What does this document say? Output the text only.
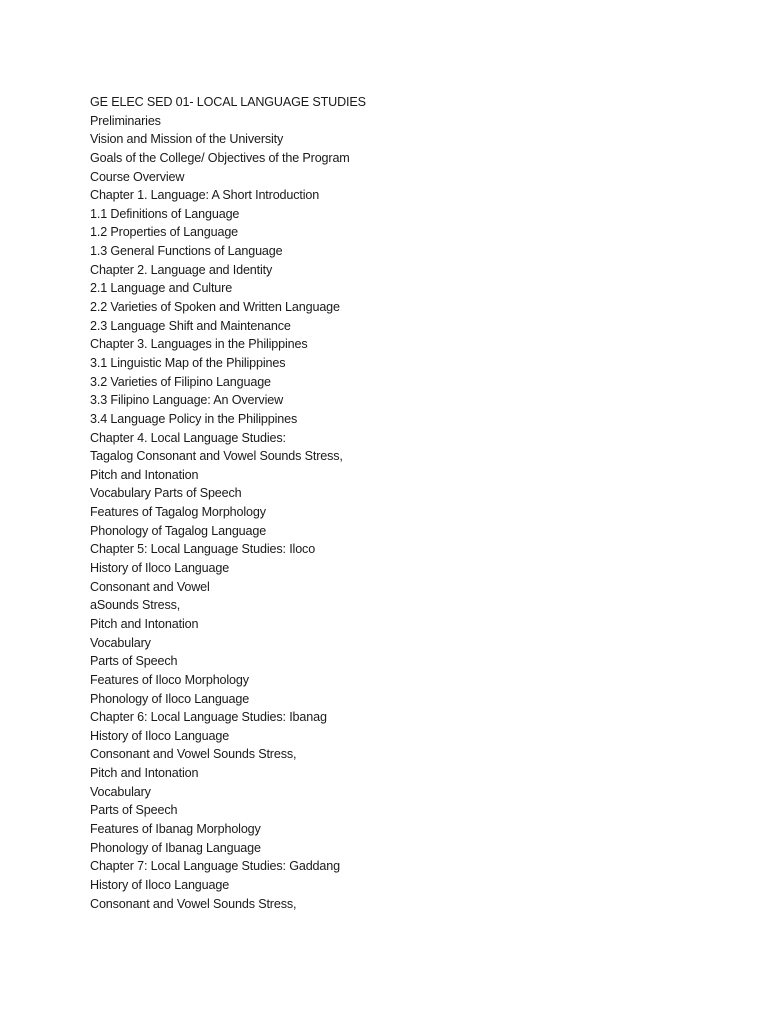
GE ELEC SED 01- LOCAL LANGUAGE STUDIES
Preliminaries
Vision and Mission of the University
Goals of the College/ Objectives of the Program
Course Overview
Chapter 1. Language: A Short Introduction
1.1 Definitions of Language
1.2 Properties of Language
1.3 General Functions of Language
Chapter 2. Language and Identity
2.1 Language and Culture
2.2 Varieties of Spoken and Written Language
2.3 Language Shift and Maintenance
Chapter 3. Languages in the Philippines
3.1 Linguistic Map of the Philippines
3.2 Varieties of Filipino Language
3.3 Filipino Language: An Overview
3.4 Language Policy in the Philippines
Chapter 4. Local Language Studies:
Tagalog Consonant and Vowel Sounds Stress,
Pitch and Intonation
Vocabulary Parts of Speech
Features of Tagalog Morphology
Phonology of Tagalog Language
Chapter 5: Local Language Studies: Iloco
History of Iloco Language
Consonant and Vowel
aSounds Stress,
Pitch and Intonation
Vocabulary
Parts of Speech
Features of Iloco Morphology
Phonology of Iloco Language
Chapter 6: Local Language Studies: Ibanag
History of Iloco Language
Consonant and Vowel Sounds Stress,
Pitch and Intonation
Vocabulary
Parts of Speech
Features of Ibanag Morphology
Phonology of Ibanag Language
Chapter 7: Local Language Studies: Gaddang
History of Iloco Language
Consonant and Vowel Sounds Stress,
